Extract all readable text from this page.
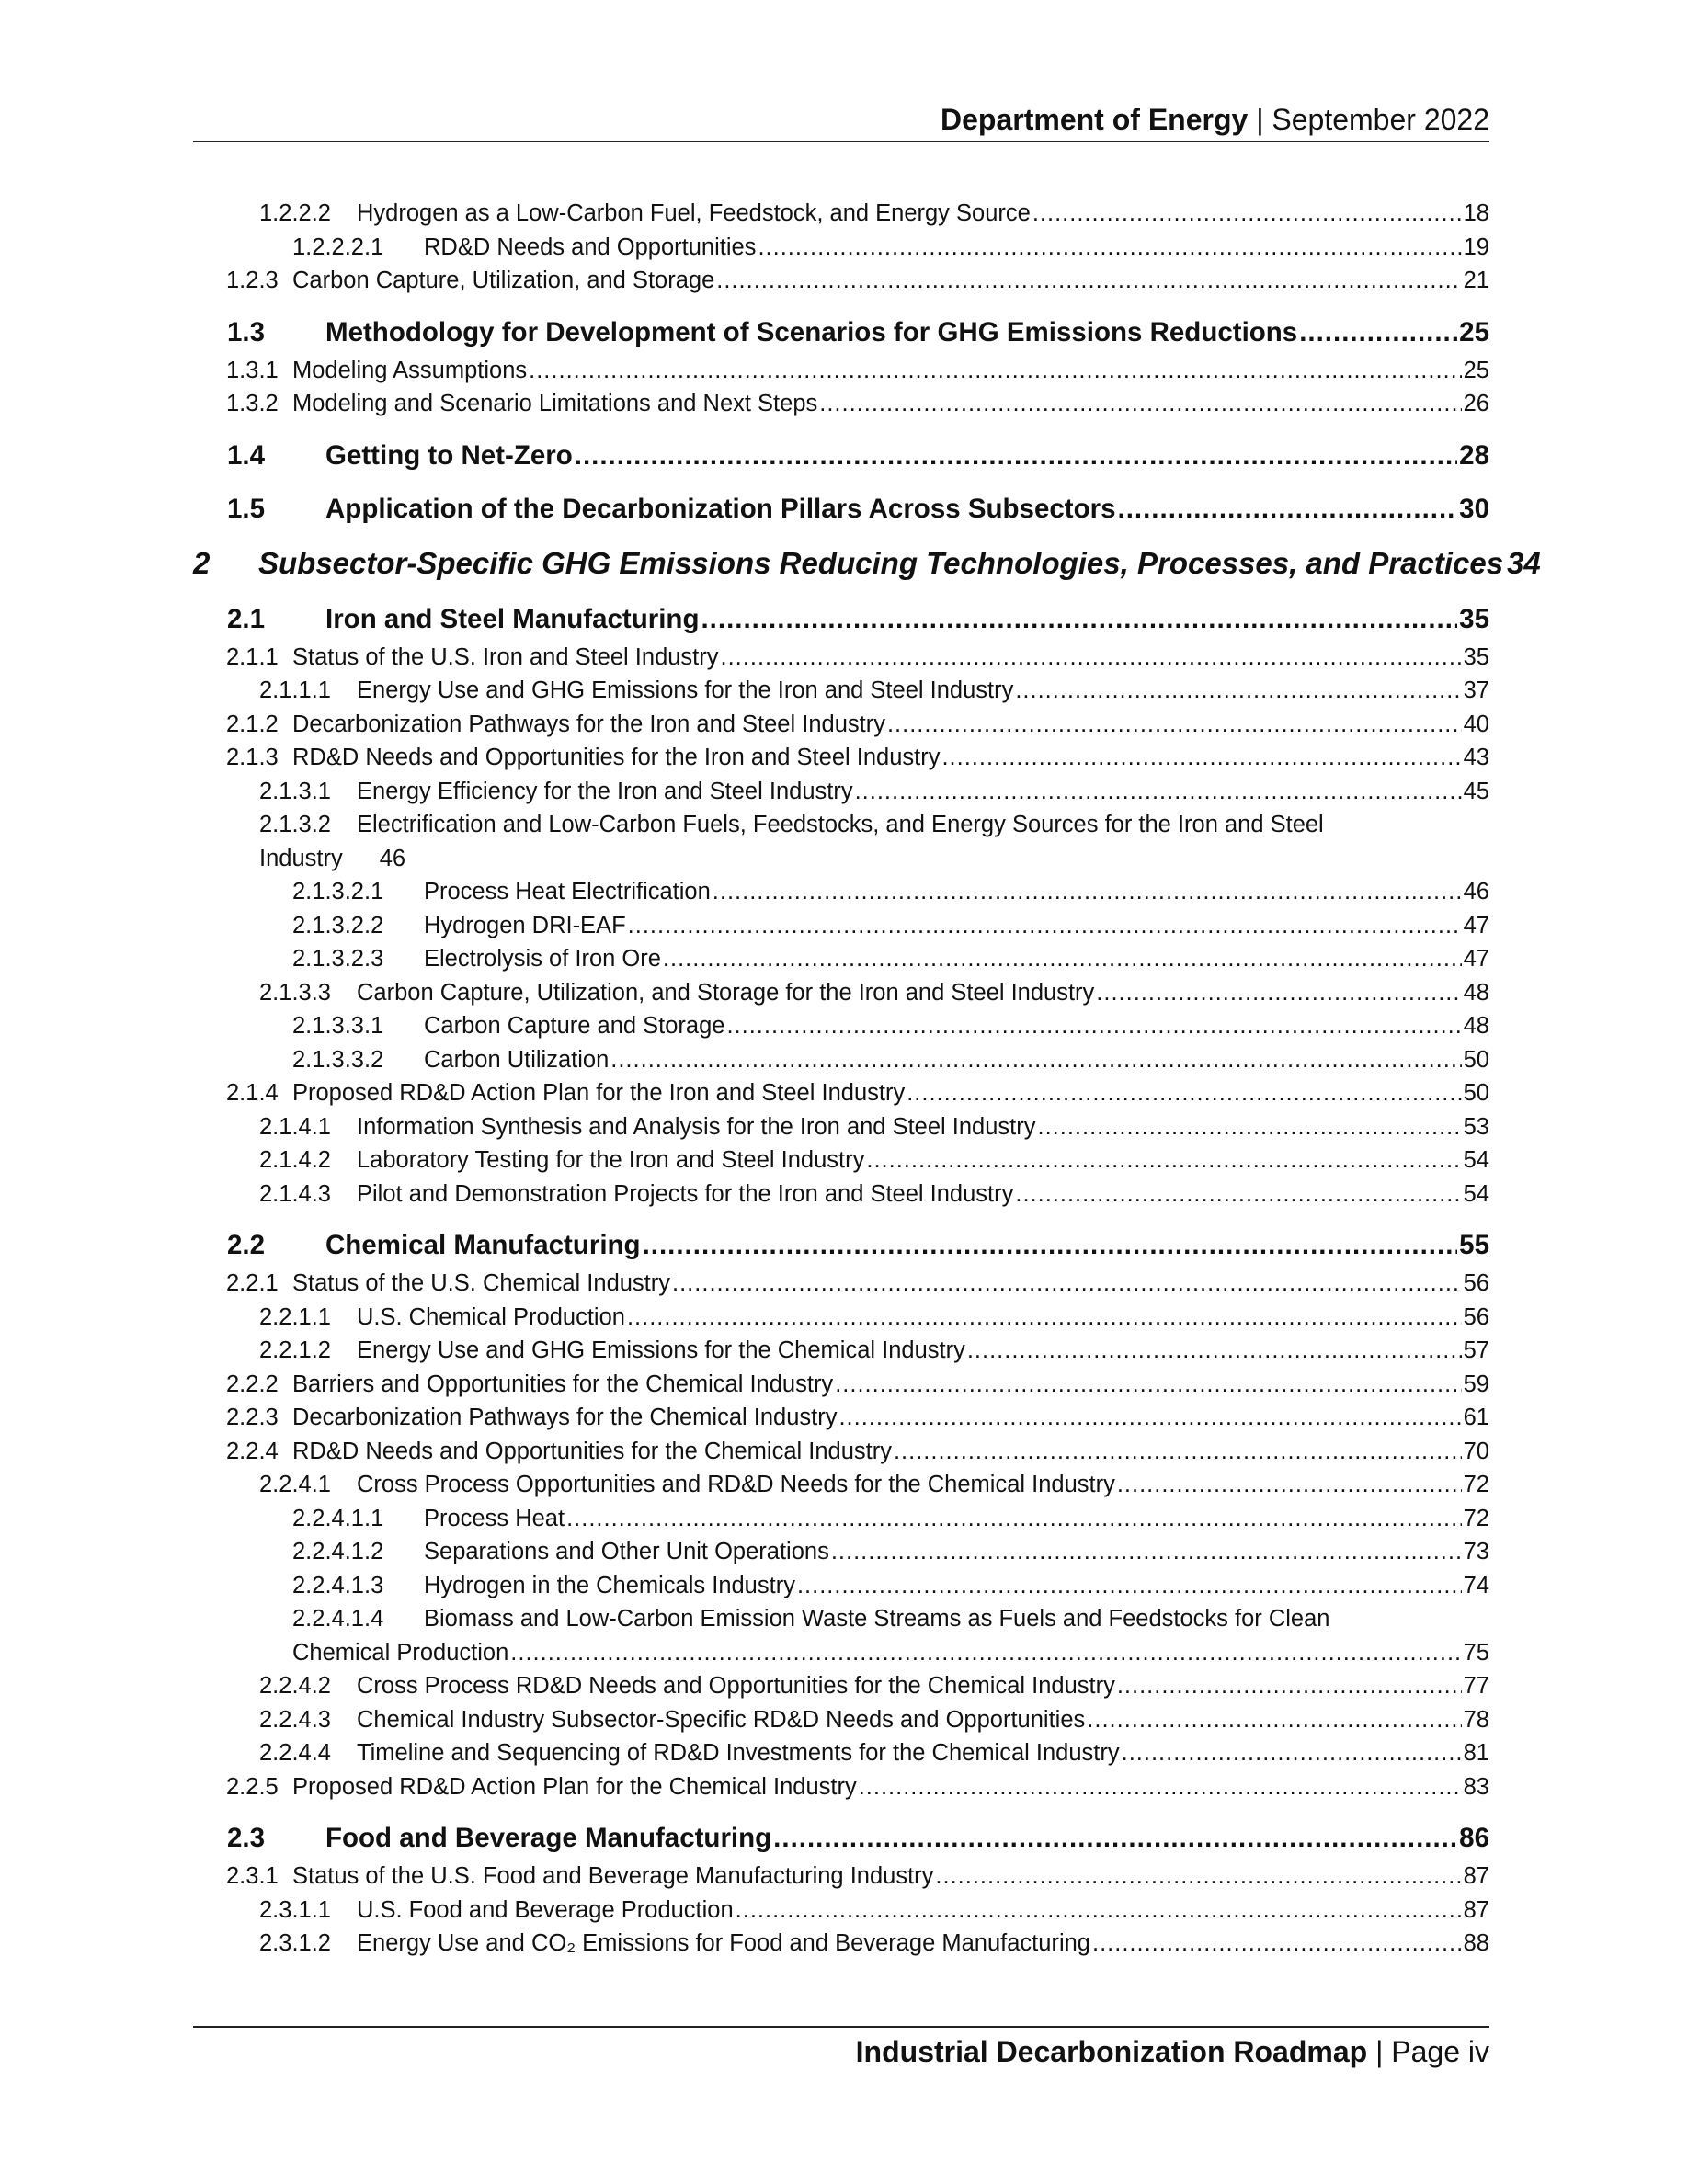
Department of Energy | September 2022
1.2.2.2	Hydrogen as a Low-Carbon Fuel, Feedstock, and Energy Source .....	18
1.2.2.2.1	RD&D Needs and Opportunities .....	19
1.2.3 Carbon Capture, Utilization, and Storage .....	21
1.3	Methodology for Development of Scenarios for GHG Emissions Reductions .....	25
1.3.1 Modeling Assumptions .....	25
1.3.2 Modeling and Scenario Limitations and Next Steps .....	26
1.4	Getting to Net-Zero .....	28
1.5	Application of the Decarbonization Pillars Across Subsectors .....	30
2	Subsector-Specific GHG Emissions Reducing Technologies, Processes, and Practices 34
2.1	Iron and Steel Manufacturing .....	35
2.1.1 Status of the U.S. Iron and Steel Industry .....	35
2.1.1.1	Energy Use and GHG Emissions for the Iron and Steel Industry .....	37
2.1.2 Decarbonization Pathways for the Iron and Steel Industry .....	40
2.1.3 RD&D Needs and Opportunities for the Iron and Steel Industry .....	43
2.1.3.1	Energy Efficiency for the Iron and Steel Industry .....	45
2.1.3.2	Electrification and Low-Carbon Fuels, Feedstocks, and Energy Sources for the Iron and Steel
Industry 46
2.1.3.2.1	Process Heat Electrification .....	46
2.1.3.2.2	Hydrogen DRI-EAF .....	47
2.1.3.2.3	Electrolysis of Iron Ore .....	47
2.1.3.3	Carbon Capture, Utilization, and Storage for the Iron and Steel Industry .....	48
2.1.3.3.1	Carbon Capture and Storage .....	48
2.1.3.3.2	Carbon Utilization .....	50
2.1.4 Proposed RD&D Action Plan for the Iron and Steel Industry .....	50
2.1.4.1	Information Synthesis and Analysis for the Iron and Steel Industry .....	53
2.1.4.2	Laboratory Testing for the Iron and Steel Industry .....	54
2.1.4.3	Pilot and Demonstration Projects for the Iron and Steel Industry .....	54
2.2	Chemical Manufacturing .....	55
2.2.1 Status of the U.S. Chemical Industry .....	56
2.2.1.1	U.S. Chemical Production .....	56
2.2.1.2	Energy Use and GHG Emissions for the Chemical Industry .....	57
2.2.2 Barriers and Opportunities for the Chemical Industry .....	59
2.2.3 Decarbonization Pathways for the Chemical Industry .....	61
2.2.4 RD&D Needs and Opportunities for the Chemical Industry .....	70
2.2.4.1	Cross Process Opportunities and RD&D Needs for the Chemical Industry .....	72
2.2.4.1.1	Process Heat .....	72
2.2.4.1.2	Separations and Other Unit Operations .....	73
2.2.4.1.3	Hydrogen in the Chemicals Industry .....	74
2.2.4.1.4	Biomass and Low-Carbon Emission Waste Streams as Fuels and Feedstocks for Clean
Chemical Production .....	75
2.2.4.2	Cross Process RD&D Needs and Opportunities for the Chemical Industry .....	77
2.2.4.3	Chemical Industry Subsector-Specific RD&D Needs and Opportunities .....	78
2.2.4.4	Timeline and Sequencing of RD&D Investments for the Chemical Industry .....	81
2.2.5 Proposed RD&D Action Plan for the Chemical Industry .....	83
2.3	Food and Beverage Manufacturing .....	86
2.3.1 Status of the U.S. Food and Beverage Manufacturing Industry .....	87
2.3.1.1	U.S. Food and Beverage Production .....	87
2.3.1.2	Energy Use and CO₂ Emissions for Food and Beverage Manufacturing .....	88
Industrial Decarbonization Roadmap | Page iv
